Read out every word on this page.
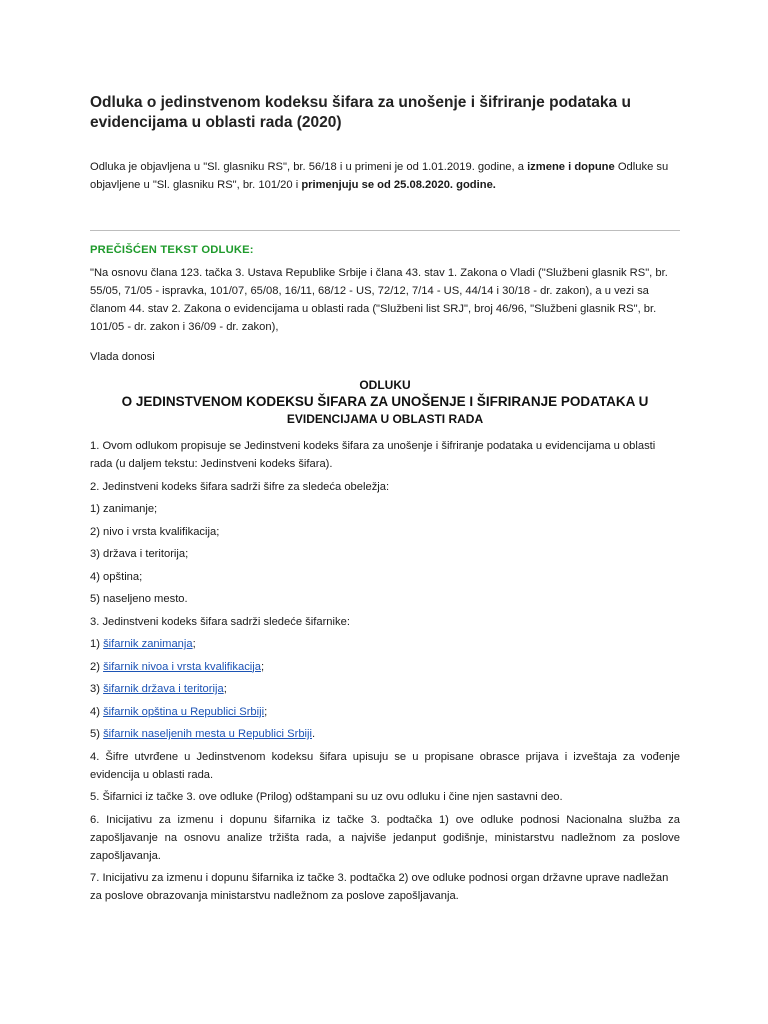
Odluka o jedinstvenom kodeksu šifara za unošenje i šifriranje podataka u evidencijama u oblasti rada (2020)
Odluka je objavljena u "Sl. glasniku RS", br. 56/18 i u primeni je od 1.01.2019. godine, a izmene i dopune Odluke su objavljene u "Sl. glasniku RS", br. 101/20 i primenjuju se od 25.08.2020. godine.
PREČIŠĆEN TEKST ODLUKE:
"Na osnovu člana 123. tačka 3. Ustava Republike Srbije i člana 43. stav 1. Zakona o Vladi ("Službeni glasnik RS", br. 55/05, 71/05 - ispravka, 101/07, 65/08, 16/11, 68/12 - US, 72/12, 7/14 - US, 44/14 i 30/18 - dr. zakon), a u vezi sa članom 44. stav 2. Zakona o evidencijama u oblasti rada ("Službeni list SRJ", broj 46/96, "Službeni glasnik RS", br. 101/05 - dr. zakon i 36/09 - dr. zakon),
Vlada donosi
ODLUKU
O JEDINSTVENOM KODEKSU ŠIFARA ZA UNOŠENJE I ŠIFRIRANJE PODATAKA U
EVIDENCIJAMA U OBLASTI RADA
1. Ovom odlukom propisuje se Jedinstveni kodeks šifara za unošenje i šifriranje podataka u evidencijama u oblasti rada (u daljem tekstu: Jedinstveni kodeks šifara).
2. Jedinstveni kodeks šifara sadrži šifre za sledeća obeležja:
1) zanimanje;
2) nivo i vrsta kvalifikacija;
3) država i teritorija;
4) opština;
5) naseljeno mesto.
3. Jedinstveni kodeks šifara sadrži sledeće šifarnike:
1) šifarnik zanimanja;
2) šifarnik nivoa i vrsta kvalifikacija;
3) šifarnik država i teritorija;
4) šifarnik opština u Republici Srbiji;
5) šifarnik naseljenih mesta u Republici Srbiji.
4. Šifre utvrđene u Jedinstvenom kodeksu šifara upisuju se u propisane obrasce prijava i izveštaja za vođenje evidencija u oblasti rada.
5. Šifarnici iz tačke 3. ove odluke (Prilog) odštampani su uz ovu odluku i čine njen sastavni deo.
6. Inicijativu za izmenu i dopunu šifarnika iz tačke 3. podtačka 1) ove odluke podnosi Nacionalna služba za zapošljavanje na osnovu analize tržišta rada, a najviše jedanput godišnje, ministarstvu nadležnom za poslove zapošljavanja.
7. Inicijativu za izmenu i dopunu šifarnika iz tačke 3. podtačka 2) ove odluke podnosi organ državne uprave nadležan za poslove obrazovanja ministarstvu nadležnom za poslove zapošljavanja.
